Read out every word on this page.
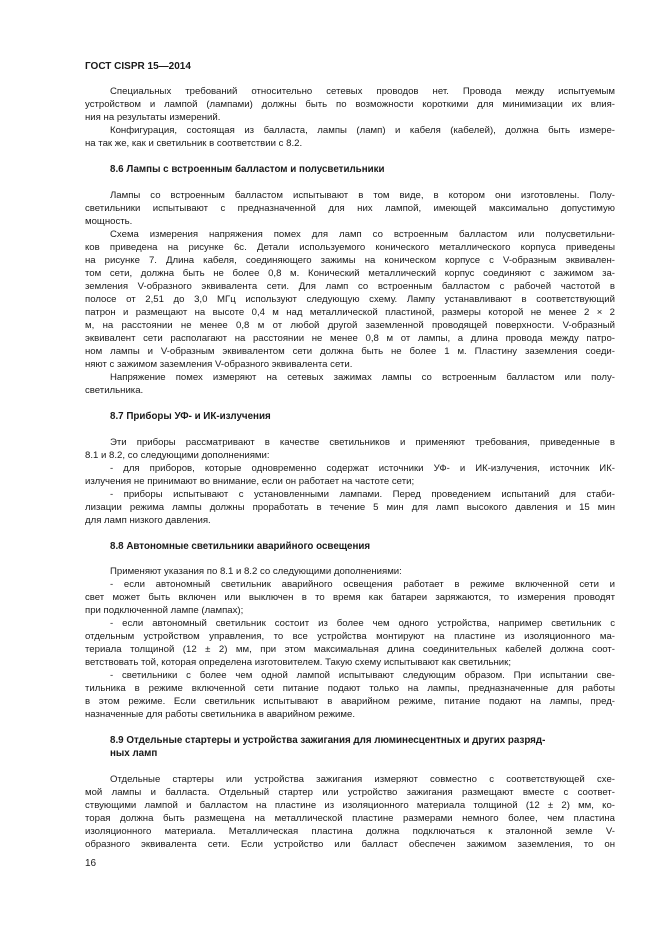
ГОСТ CISPR 15—2014
Специальных требований относительно сетевых проводов нет. Провода между испытуемым
устройством и лампой (лампами) должны быть по возможности короткими для минимизации их влия-
ния на результаты измерений.
Конфигурация, состоящая из балласта, лампы (ламп) и кабеля (кабелей), должна быть измере-
на так же, как и светильник в соответствии с 8.2.
8.6 Лампы с встроенным балластом и полусветильники
Лампы со встроенным балластом испытывают в том виде, в котором они изготовлены. Полу-
светильники испытывают с предназначенной для них лампой, имеющей максимально допустимую
мощность.
Схема измерения напряжения помех для ламп со встроенным балластом или полусветильни-
ков приведена на рисунке 6с. Детали используемого конического металлического корпуса приведены
на рисунке 7. Длина кабеля, соединяющего зажимы на коническом корпусе с V-образным эквивален-
том сети, должна быть не более 0,8 м. Конический металлический корпус соединяют с зажимом за-
земления V-образного эквивалента сети. Для ламп со встроенным балластом с рабочей частотой в
полосе от 2,51 до 3,0 МГц используют следующую схему. Лампу устанавливают в соответствующий
патрон и размещают на высоте 0,4 м над металлической пластиной, размеры которой не менее 2 × 2
м, на расстоянии не менее 0,8 м от любой другой заземленной проводящей поверхности. V-образный
эквивалент сети располагают на расстоянии не менее 0,8 м от лампы, а длина провода между патро-
ном лампы и V-образным эквивалентом сети должна быть не более 1 м. Пластину заземления соеди-
няют с зажимом заземления V-образного эквивалента сети.
Напряжение помех измеряют на сетевых зажимах лампы со встроенным балластом или полу-
светильника.
8.7 Приборы УФ- и ИК-излучения
Эти приборы рассматривают в качестве светильников и применяют требования, приведенные в
8.1 и 8.2, со следующими дополнениями:
- для приборов, которые одновременно содержат источники УФ- и ИК-излучения, источник ИК-
излучения не принимают во внимание, если он работает на частоте сети;
- приборы испытывают с установленными лампами. Перед проведением испытаний для стаби-
лизации режима лампы должны проработать в течение 5 мин для ламп высокого давления и 15 мин
для ламп низкого давления.
8.8 Автономные светильники аварийного освещения
Применяют указания по 8.1 и 8.2 со следующими дополнениями:
- если автономный светильник аварийного освещения работает в режиме включенной сети и
свет может быть включен или выключен в то время как батареи заряжаются, то измерения проводят
при подключенной лампе (лампах);
- если автономный светильник состоит из более чем одного устройства, например светильник с
отдельным устройством управления, то все устройства монтируют на пластине из изоляционного ма-
териала толщиной (12 ± 2) мм, при этом максимальная длина соединительных кабелей должна соот-
ветствовать той, которая определена изготовителем. Такую схему испытывают как светильник;
- светильники с более чем одной лампой испытывают следующим образом. При испытании све-
тильника в режиме включенной сети питание подают только на лампы, предназначенные для работы
в этом режиме. Если светильник испытывают в аварийном режиме, питание подают на лампы, пред-
назначенные для работы светильника в аварийном режиме.
8.9 Отдельные стартеры и устройства зажигания для люминесцентных и других разряд-
ных ламп
Отдельные стартеры или устройства зажигания измеряют совместно с соответствующей схе-
мой лампы и балласта. Отдельный стартер или устройство зажигания размещают вместе с соответ-
ствующими лампой и балластом на пластине из изоляционного материала толщиной (12 ± 2) мм, ко-
торая должна быть размещена на металлической пластине размерами немного более, чем пластина
изоляционного материала. Металлическая пластина должна подключаться к эталонной земле V-
образного эквивалента сети. Если устройство или балласт обеспечен зажимом заземления, то он
16
